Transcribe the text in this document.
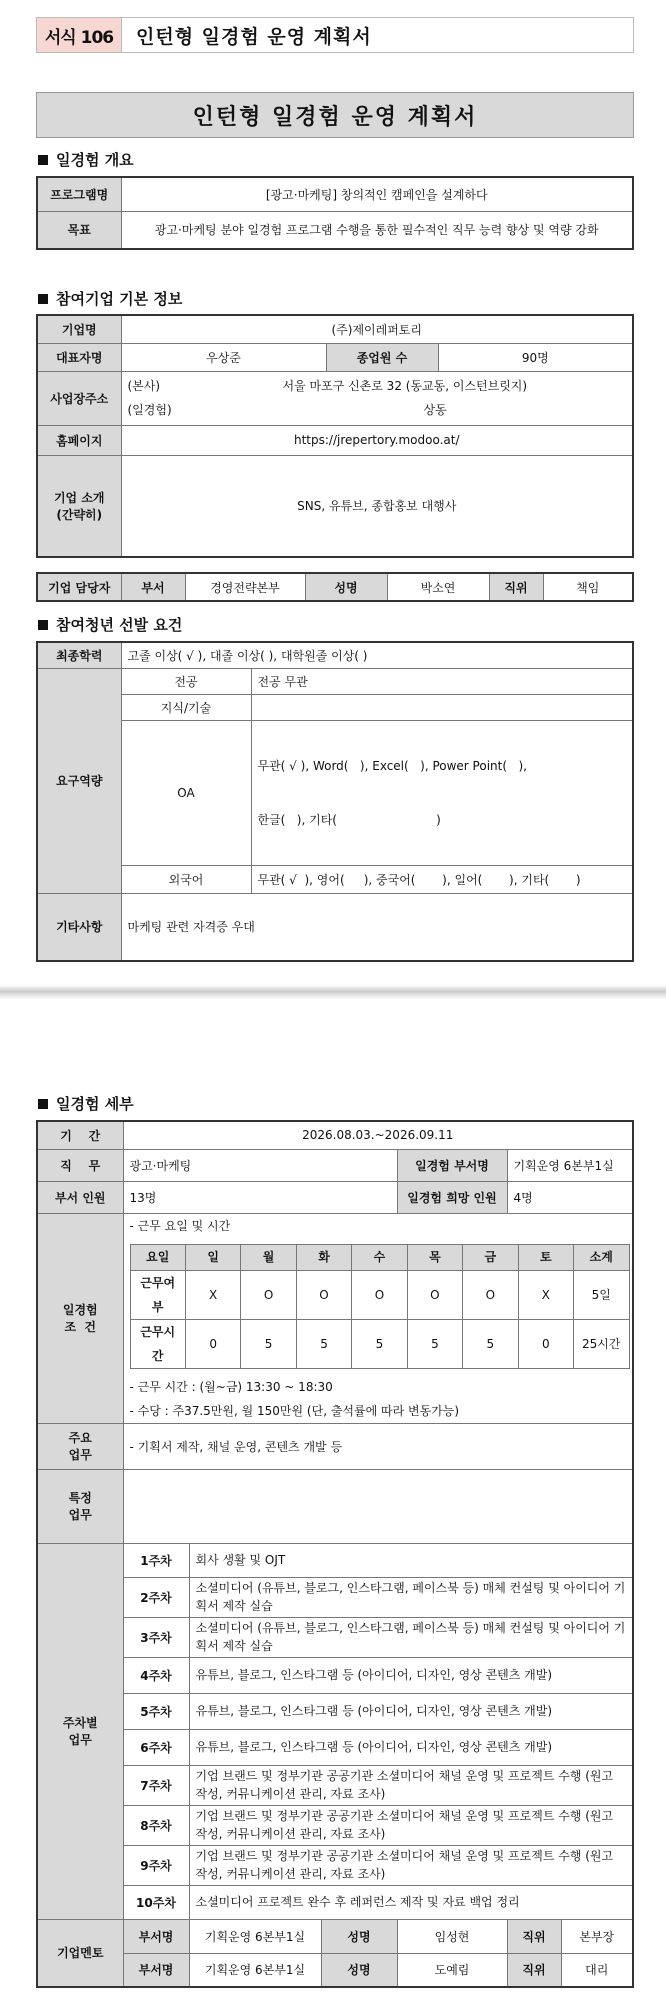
서식 106	인턴형 일경험 운영 계획서
인턴형 일경험 운영 계획서
일경험 개요
프로그램명	[광고·마케팅] 창의적인 캠페인을 설계하다
목표	광고·마케팅 분야 일경험 프로그램 수행을 통한 필수적인 직무 능력 향상 및 역량 강화
참여기업 기본 정보
기업명	(주)제이레퍼토리		
대표자명	우상준	종업원 수	90명
사업장주소	(본사) 서울 마포구 신촌로 32 (동교동, 이스턴브릿지)
(일경험) 상동		

홈페이지	https://jrepertory.modoo.at/		

기업 소개
(간략히)	SNS, 유튜브, 종합홍보 대행사		
기업 담당자	부서	경영전략본부	성명	박소연	직위	책임
참여청년 선발 요건
최종학력	고졸 이상( √ ), 대졸 이상( ), 대학원졸 이상( )	
요구역량	전공	전공 무관
	지식/기술	
	OA	무관( √ ), Word(   ), Excel(   ), Power Point(   ),

한글(   ), 기타(                          )

	외국어	무관( √  ), 영어(     ), 중국어(       ), 일어(       ), 기타(       )
기타사항	마케팅 관련 자격증 우대	
일경험 세부
기    간	2026.08.03.~2026.09.11
직    무	광고·마케팅	일경험 부서명	기획운영 6본부1실
부서 인원	13명	일경험 희망 인원	4명

일경험
조  건

- 근무 요일 및 시간
요일	일	월	화	수	목	금	토	소계
근무여부	X	O	O	O	O	O	X	5일
근무시간	0	5	5	5	5	5	0	25시간
- 근무 시간 : (월~금) 13:30 ~ 18:30
- 수당 : 주37.5만원, 월 150만원 (단, 출석률에 따라 변동가능)

주요
업무
	- 기획서 제작, 채널 운영, 콘텐츠 개발 등

특정
업무

주차별
업무
	1주차	회사 생활 및 OJT
2주차	소셜미디어 (유튜브, 블로그, 인스타그램, 페이스북 등) 매체 컨설팅 및 아이디어 기획서 제작 실습
3주차	소셜미디어 (유튜브, 블로그, 인스타그램, 페이스북 등) 매체 컨설팅 및 아이디어 기획서 제작 실습
4주차	유튜브, 블로그, 인스타그램 등 (아이디어, 디자인, 영상 콘텐츠 개발)
5주차	유튜브, 블로그, 인스타그램 등 (아이디어, 디자인, 영상 콘텐츠 개발)
6주차	유튜브, 블로그, 인스타그램 등 (아이디어, 디자인, 영상 콘텐츠 개발)
7주차	기업 브랜드 및 정부기관 공공기관 소셜미디어 채널 운영 및 프로젝트 수행 (원고 작성, 커뮤니케이션 관리, 자료 조사)
8주차	기업 브랜드 및 정부기관 공공기관 소셜미디어 채널 운영 및 프로젝트 수행 (원고 작성, 커뮤니케이션 관리, 자료 조사)
9주차	기업 브랜드 및 정부기관 공공기관 소셜미디어 채널 운영 및 프로젝트 수행 (원고 작성, 커뮤니케이션 관리, 자료 조사)
10주차	소셜미디어 프로젝트 완수 후 레퍼런스 제작 및 자료 백업 정리
기업멘토	부서명	기획운영 6본부1실	성명	임성현	직위	본부장
부서명	기획운영 6본부1실	성명	도예림	직위	대리
